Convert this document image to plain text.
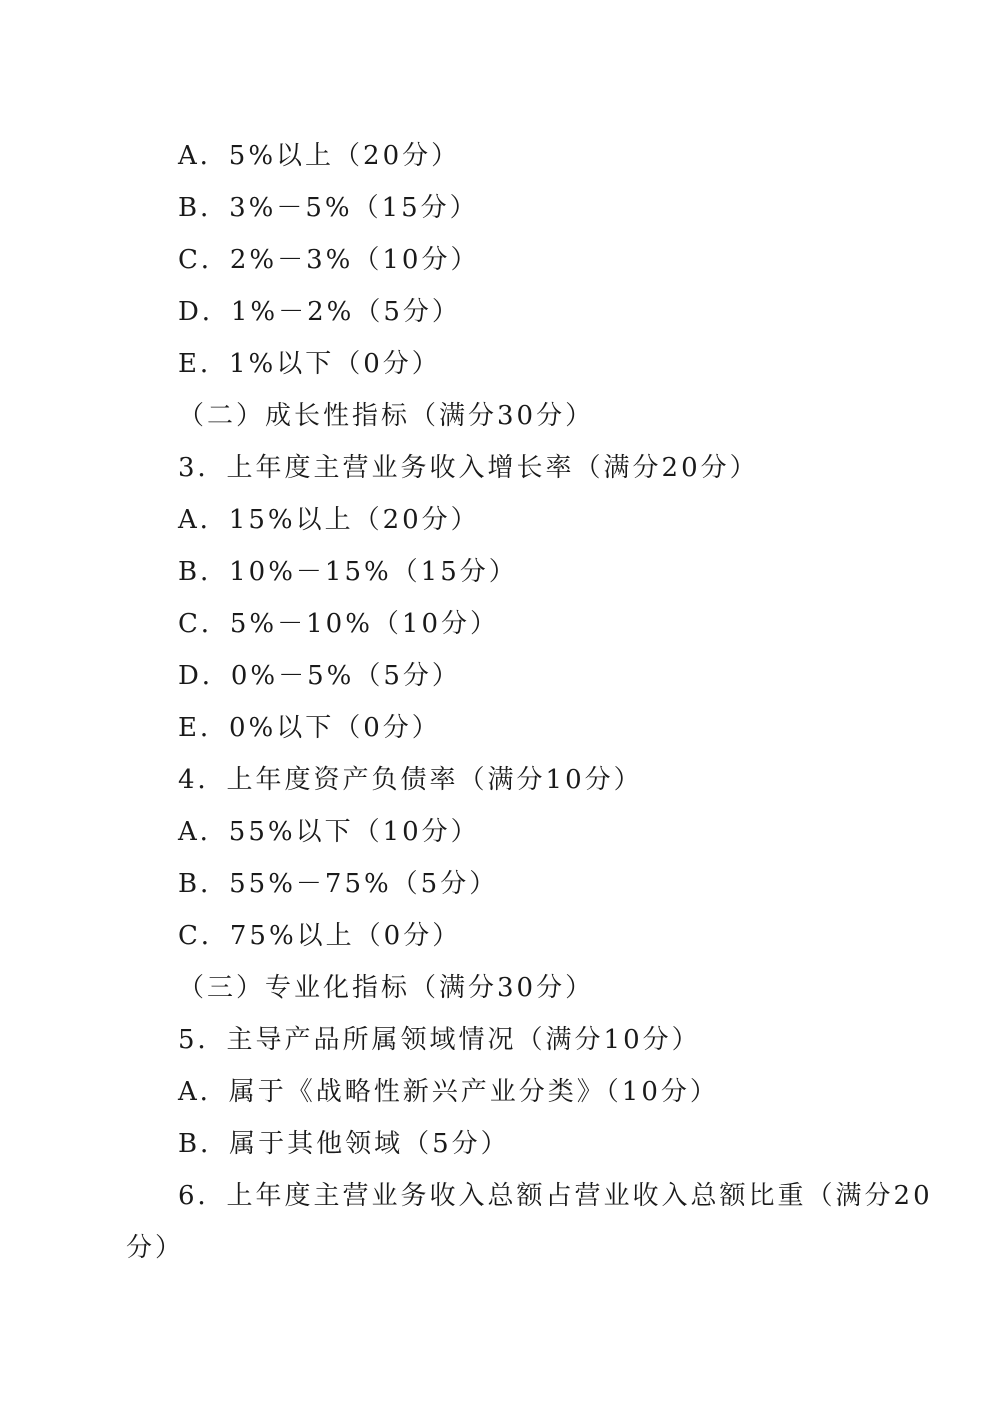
A．5%以上（20分）
B．3%－5%（15分）
C．2%－3%（10分）
D．1%－2%（5分）
E．1%以下（0分）
（二）成长性指标（满分30分）
3．上年度主营业务收入增长率（满分20分）
A．15%以上（20分）
B．10%－15%（15分）
C．5%－10%（10分）
D．0%－5%（5分）
E．0%以下（0分）
4．上年度资产负债率（满分10分）
A．55%以下（10分）
B．55%－75%（5分）
C．75%以上（0分）
（三）专业化指标（满分30分）
5．主导产品所属领域情况（满分10分）
A．属于《战略性新兴产业分类》（10分）
B．属于其他领域（5分）
6．上年度主营业务收入总额占营业收入总额比重（满分20
分）
